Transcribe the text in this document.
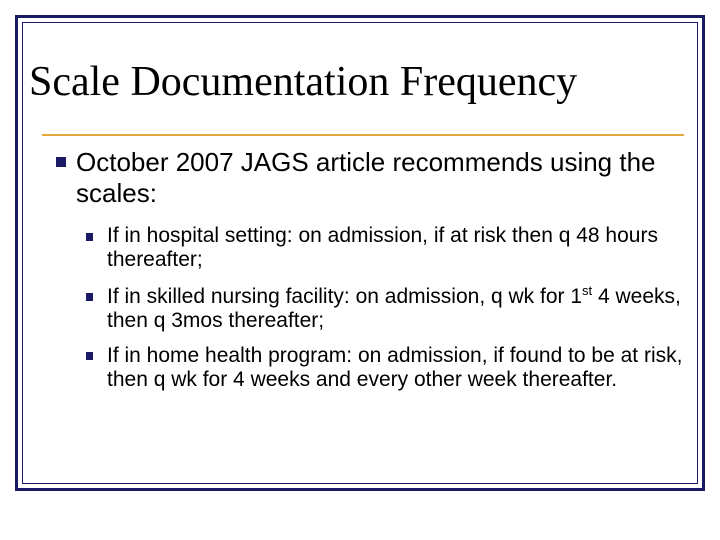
Scale Documentation Frequency

October 2007 JAGS article recommends using the scales:

If in hospital setting: on admission, if at risk then q 48 hours thereafter;

If in skilled nursing facility: on admission, q wk for 1st 4 weeks, then q 3mos thereafter;

If in home health program: on admission, if found to be at risk, then q wk for 4 weeks and every other week thereafter.
